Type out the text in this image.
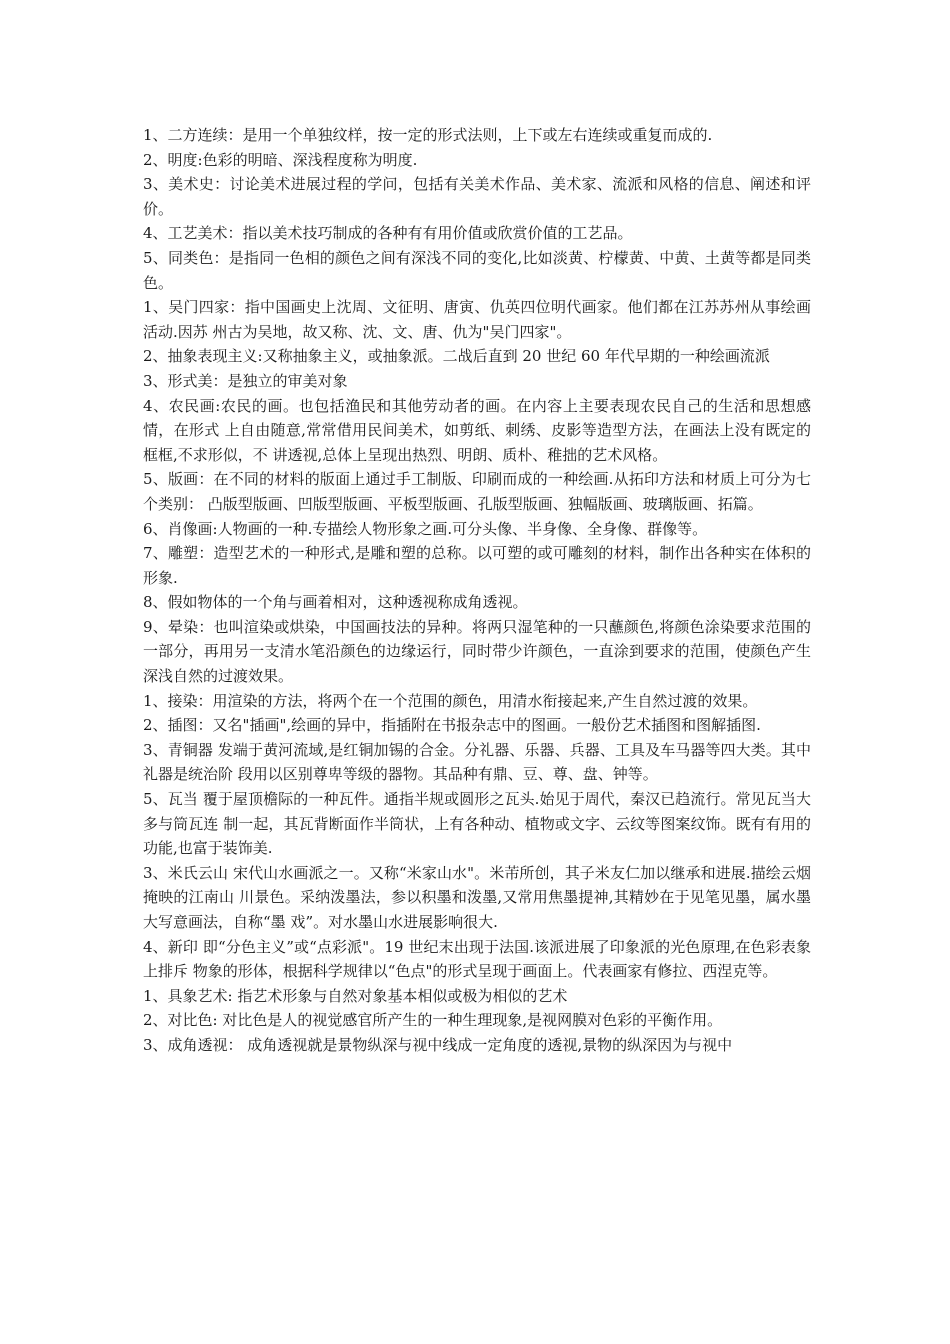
1、二方连续：是用一个单独纹样，按一定的形式法则，上下或左右连续或重复而成的.

2、明度:色彩的明暗、深浅程度称为明度.

3、美术史：讨论美术进展过程的学问，包括有关美术作品、美术家、流派和风格的信息、阐述和评价。

4、工艺美术：指以美术技巧制成的各种有有用价值或欣赏价值的工艺品。

5、同类色：是指同一色相的颜色之间有深浅不同的变化,比如淡黄、柠檬黄、中黄、土黄等都是同类色。

1、吴门四家：指中国画史上沈周、文征明、唐寅、仇英四位明代画家。他们都在江苏苏州从事绘画活动.因苏 州古为吴地，故又称、沈、文、唐、仇为"吴门四家"。

2、抽象表现主义:又称抽象主义，或抽象派。二战后直到 20 世纪 60 年代早期的一种绘画流派

3、形式美：是独立的审美对象

4、农民画:农民的画。也包括渔民和其他劳动者的画。在内容上主要表现农民自己的生活和思想感情，在形式 上自由随意,常常借用民间美术，如剪纸、刺绣、皮影等造型方法，在画法上没有既定的框框,不求形似，不 讲透视,总体上呈现出热烈、明朗、质朴、稚拙的艺术风格。

5、版画：在不同的材料的版面上通过手工制版、印刷而成的一种绘画.从拓印方法和材质上可分为七个类别： 凸版型版画、凹版型版画、平板型版画、孔版型版画、独幅版画、玻璃版画、拓篇。

6、肖像画:人物画的一种.专描绘人物形象之画.可分头像、半身像、全身像、群像等。

7、雕塑：造型艺术的一种形式,是雕和塑的总称。以可塑的或可雕刻的材料，制作出各种实在体积的形象.

8、假如物体的一个角与画着相对，这种透视称成角透视。

9、晕染：也叫渲染或烘染，中国画技法的异种。将两只湿笔种的一只蘸颜色,将颜色涂染要求范围的一部分，再用另一支清水笔沿颜色的边缘运行，同时带少许颜色，一直涂到要求的范围，使颜色产生深浅自然的过渡效果。

1、接染：用渲染的方法，将两个在一个范围的颜色，用清水衔接起来,产生自然过渡的效果。

2、插图：又名"插画",绘画的异中，指插附在书报杂志中的图画。一般份艺术插图和图解插图.

3、青铜器 发端于黄河流域,是红铜加锡的合金。分礼器、乐器、兵器、工具及车马器等四大类。其中礼器是统治阶 段用以区别尊卑等级的器物。其品种有鼎、豆、尊、盘、钟等。

5、瓦当 覆于屋顶檐际的一种瓦件。通指半规或圆形之瓦头.始见于周代，秦汉已趋流行。常见瓦当大多与筒瓦连 制一起，其瓦背断面作半筒状，上有各种动、植物或文字、云纹等图案纹饰。既有有用的功能,也富于装饰美.

3、米氏云山 宋代山水画派之一。又称“米家山水"。米芾所创，其子米友仁加以继承和进展.描绘云烟掩映的江南山 川景色。采纳泼墨法，参以积墨和泼墨,又常用焦墨提神,其精妙在于见笔见墨，属水墨大写意画法，自称“墨 戏”。对水墨山水进展影响很大.

4、新印 即“分色主义”或“点彩派"。19 世纪末出现于法国.该派进展了印象派的光色原理,在色彩表象上排斥 物象的形体，根据科学规律以“色点"的形式呈现于画面上。代表画家有修拉、西涅克等。

1、具象艺术: 指艺术形象与自然对象基本相似或极为相似的艺术

2、对比色: 对比色是人的视觉感官所产生的一种生理现象,是视网膜对色彩的平衡作用。

3、成角透视： 成角透视就是景物纵深与视中线成一定角度的透视,景物的纵深因为与视中
